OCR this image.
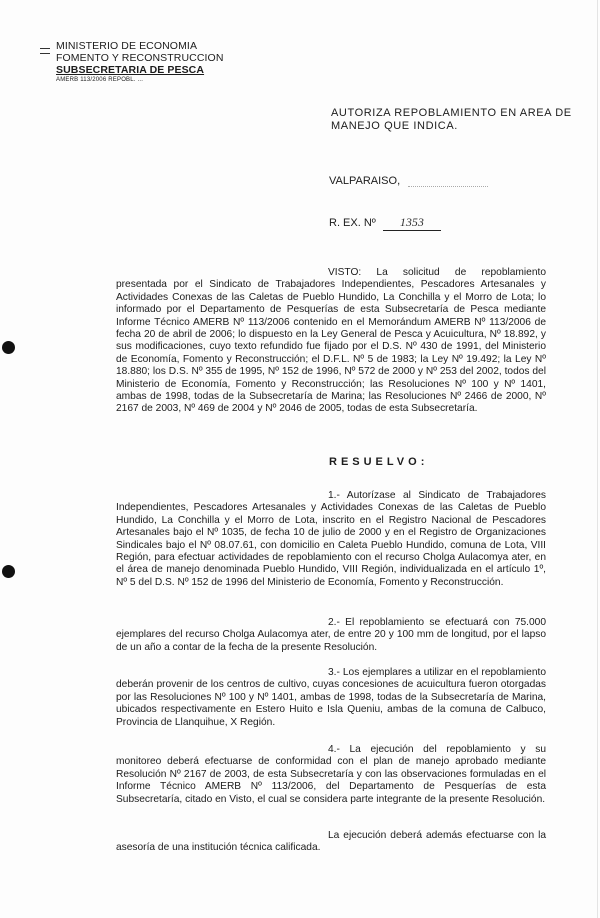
MINISTERIO DE ECONOMIA
FOMENTO Y RECONSTRUCCION
SUBSECRETARIA DE PESCA
AMERB 113/2006 REPOBL. ...
AUTORIZA REPOBLAMIENTO EN AREA DE MANEJO QUE INDICA.
VALPARAISO,
R. EX. Nº 1353
VISTO: La solicitud de repoblamiento presentada por el Sindicato de Trabajadores Independientes, Pescadores Artesanales y Actividades Conexas de las Caletas de Pueblo Hundido, La Conchilla y el Morro de Lota; lo informado por el Departamento de Pesquerías de esta Subsecretaría de Pesca mediante Informe Técnico AMERB Nº 113/2006 contenido en el Memorándum AMERB Nº 113/2006 de fecha 20 de abril de 2006; lo dispuesto en la Ley General de Pesca y Acuicultura, Nº 18.892, y sus modificaciones, cuyo texto refundido fue fijado por el D.S. Nº 430 de 1991, del Ministerio de Economía, Fomento y Reconstrucción; el D.F.L. Nº 5 de 1983; la Ley Nº 19.492; la Ley Nº 18.880; los D.S. Nº 355 de 1995, Nº 152 de 1996, Nº 572 de 2000 y Nº 253 del 2002, todos del Ministerio de Economía, Fomento y Reconstrucción; las Resoluciones Nº 100 y Nº 1401, ambas de 1998, todas de la Subsecretaría de Marina; las Resoluciones Nº 2466 de 2000, Nº 2167 de 2003, Nº 469 de 2004 y Nº 2046 de 2005, todas de esta Subsecretaría.
RESUELVO:
1.- Autorízase al Sindicato de Trabajadores Independientes, Pescadores Artesanales y Actividades Conexas de las Caletas de Pueblo Hundido, La Conchilla y el Morro de Lota, inscrito en el Registro Nacional de Pescadores Artesanales bajo el Nº 1035, de fecha 10 de julio de 2000 y en el Registro de Organizaciones Sindicales bajo el Nº 08.07.61, con domicilio en Caleta Pueblo Hundido, comuna de Lota, VIII Región, para efectuar actividades de repoblamiento con el recurso Cholga Aulacomya ater, en el área de manejo denominada Pueblo Hundido, VIII Región, individualizada en el artículo 1º, Nº 5 del D.S. Nº 152 de 1996 del Ministerio de Economía, Fomento y Reconstrucción.
2.- El repoblamiento se efectuará con 75.000 ejemplares del recurso Cholga Aulacomya ater, de entre 20 y 100 mm de longitud, por el lapso de un año a contar de la fecha de la presente Resolución.
3.- Los ejemplares a utilizar en el repoblamiento deberán provenir de los centros de cultivo, cuyas concesiones de acuicultura fueron otorgadas por las Resoluciones Nº 100 y Nº 1401, ambas de 1998, todas de la Subsecretaría de Marina, ubicados respectivamente en Estero Huito e Isla Queniu, ambas de la comuna de Calbuco, Provincia de Llanquihue, X Región.
4.- La ejecución del repoblamiento y su monitoreo deberá efectuarse de conformidad con el plan de manejo aprobado mediante Resolución Nº 2167 de 2003, de esta Subsecretaría y con las observaciones formuladas en el Informe Técnico AMERB Nº 113/2006, del Departamento de Pesquerías de esta Subsecretaría, citado en Visto, el cual se considera parte integrante de la presente Resolución.
La ejecución deberá además efectuarse con la asesoría de una institución técnica calificada.
